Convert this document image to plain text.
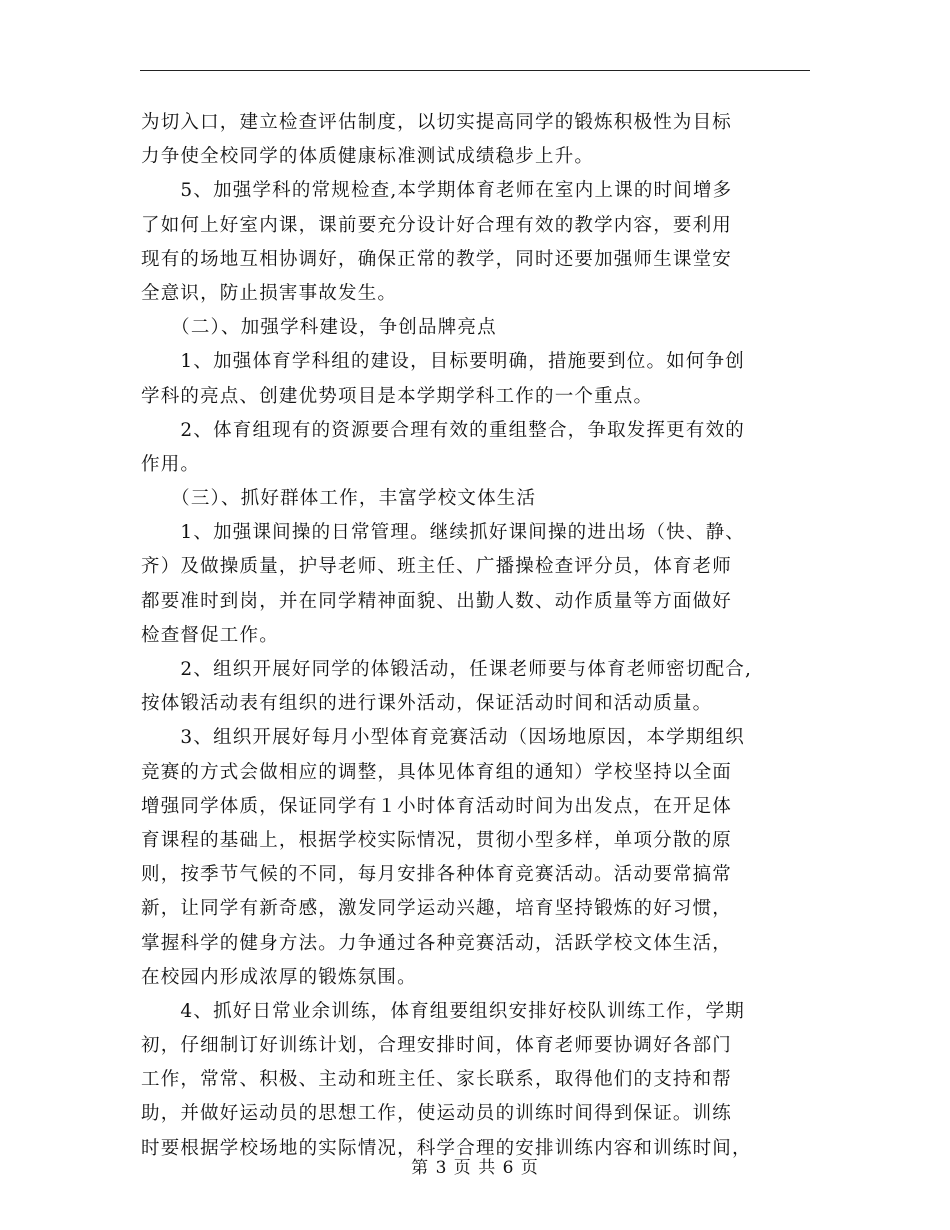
为切入口，建立检查评估制度，以切实提高同学的锻炼积极性为目标
力争使全校同学的体质健康标准测试成绩稳步上升。
　　5、加强学科的常规检查,本学期体育老师在室内上课的时间增多
了如何上好室内课，课前要充分设计好合理有效的教学内容，要利用
现有的场地互相协调好，确保正常的教学，同时还要加强师生课堂安
全意识，防止损害事故发生。
　　（二）、加强学科建设，争创品牌亮点
　　1、加强体育学科组的建设，目标要明确，措施要到位。如何争创
学科的亮点、创建优势项目是本学期学科工作的一个重点。
　　2、体育组现有的资源要合理有效的重组整合，争取发挥更有效的
作用。
　　（三）、抓好群体工作，丰富学校文体生活
　　1、加强课间操的日常管理。继续抓好课间操的进出场（快、静、
齐）及做操质量，护导老师、班主任、广播操检查评分员，体育老师
都要准时到岗，并在同学精神面貌、出勤人数、动作质量等方面做好
检查督促工作。
　　2、组织开展好同学的体锻活动，任课老师要与体育老师密切配合,
按体锻活动表有组织的进行课外活动，保证活动时间和活动质量。
　　3、组织开展好每月小型体育竞赛活动（因场地原因，本学期组织
竞赛的方式会做相应的调整，具体见体育组的通知）学校坚持以全面
增强同学体质，保证同学有１小时体育活动时间为出发点，在开足体
育课程的基础上，根据学校实际情况，贯彻小型多样，单项分散的原
则，按季节气候的不同，每月安排各种体育竞赛活动。活动要常搞常
新，让同学有新奇感，激发同学运动兴趣，培育坚持锻炼的好习惯，
掌握科学的健身方法。力争通过各种竞赛活动，活跃学校文体生活，
在校园内形成浓厚的锻炼氛围。
　　4、抓好日常业余训练，体育组要组织安排好校队训练工作，学期
初，仔细制订好训练计划，合理安排时间，体育老师要协调好各部门
工作，常常、积极、主动和班主任、家长联系，取得他们的支持和帮
助，并做好运动员的思想工作，使运动员的训练时间得到保证。训练
时要根据学校场地的实际情况，科学合理的安排训练内容和训练时间，
第 3 页 共 6 页
